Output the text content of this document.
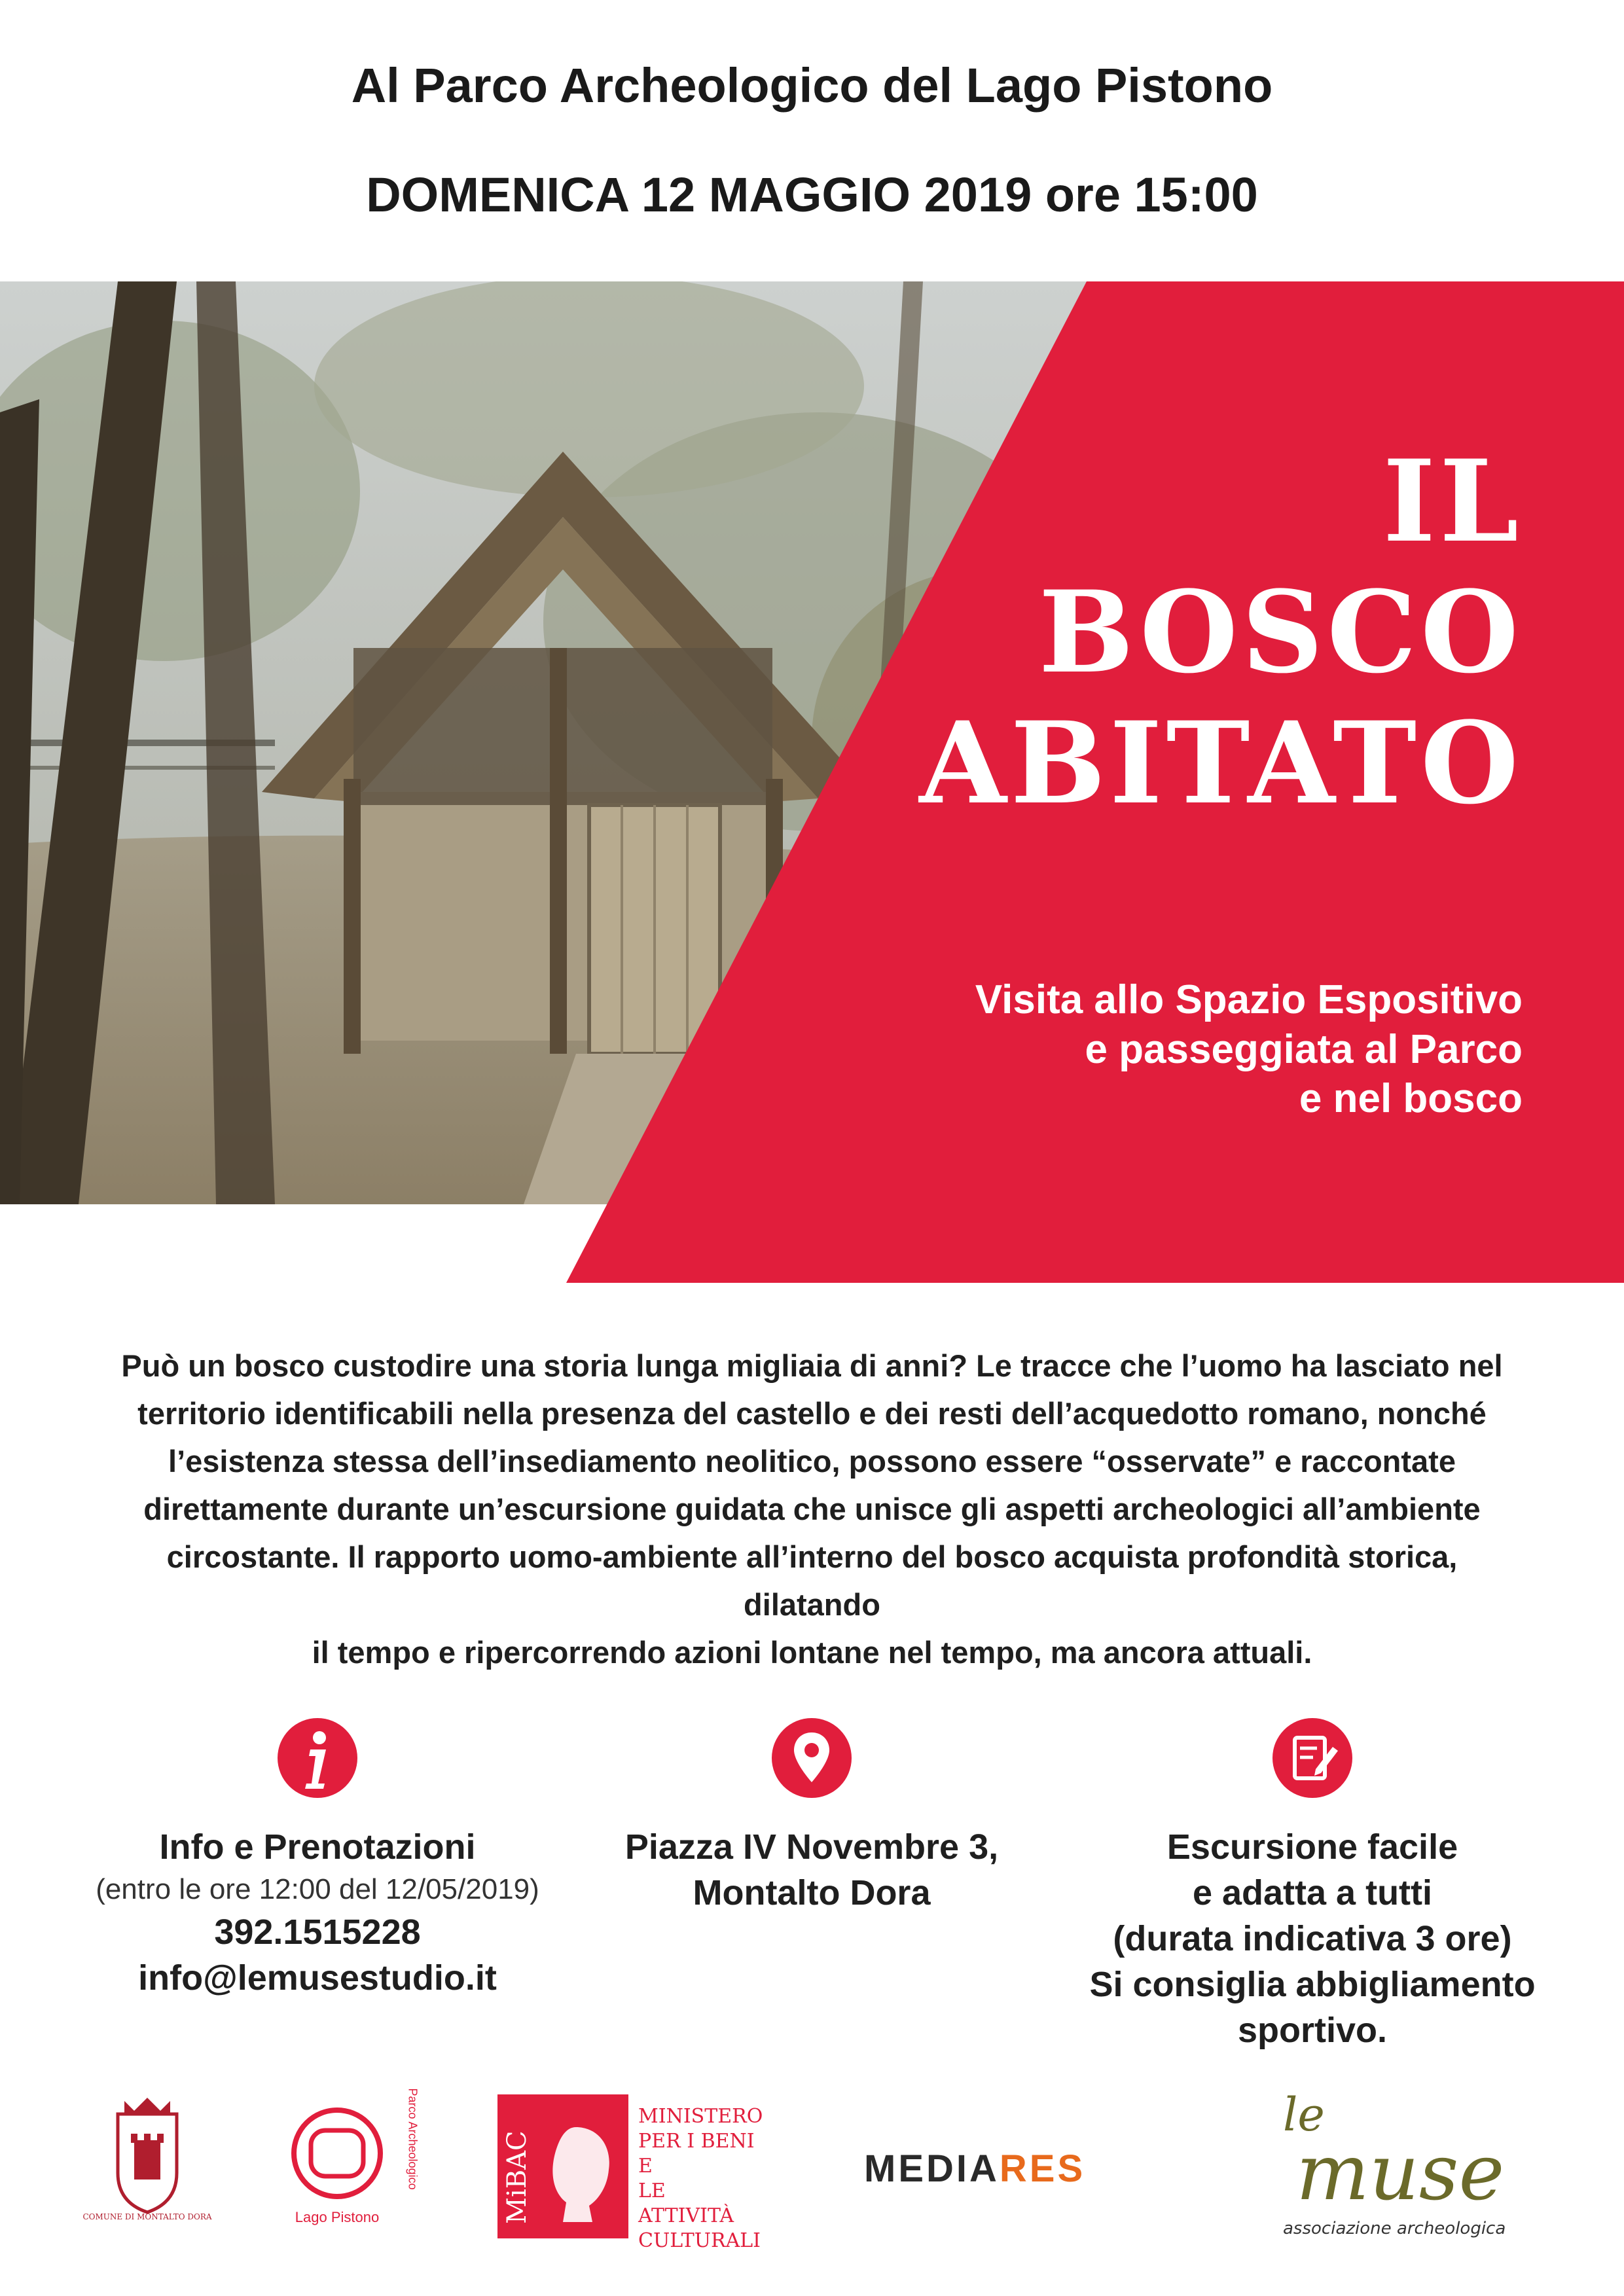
Al Parco Archeologico del Lago Pistono
DOMENICA 12 MAGGIO 2019 ore 15:00
IL
BOSCO
ABITATO
Visita allo Spazio Espositivo
e passeggiata al Parco
e nel bosco
Può un bosco custodire una storia lunga migliaia di anni? Le tracce che l’uomo ha lasciato nel
territorio identificabili nella presenza del castello e dei resti dell’acquedotto romano, nonché
l’esistenza stessa dell’insediamento neolitico, possono essere “osservate” e raccontate
direttamente durante un’escursione guidata che unisce gli aspetti archeologici all’ambiente
circostante. Il rapporto uomo-ambiente all’interno del bosco acquista profondità storica, dilatando
il tempo e ripercorrendo azioni lontane nel tempo, ma ancora attuali.
Info e Prenotazioni
(entro le ore 12:00 del 12/05/2019)
392.1515228
info@lemusestudio.it
Piazza IV Novembre 3,
Montalto Dora
Escursione facile
e adatta a tutti
(durata indicativa 3 ore)
Si consiglia abbigliamento
sportivo.
COMUNE DI MONTALTO DORA	Lago Pistono
Parco Archeologico	MiBAC
MINISTERO
PER I BENI E
LE ATTIVITÀ
CULTURALI
MEDIARES
le
muse
associazione archeologica
